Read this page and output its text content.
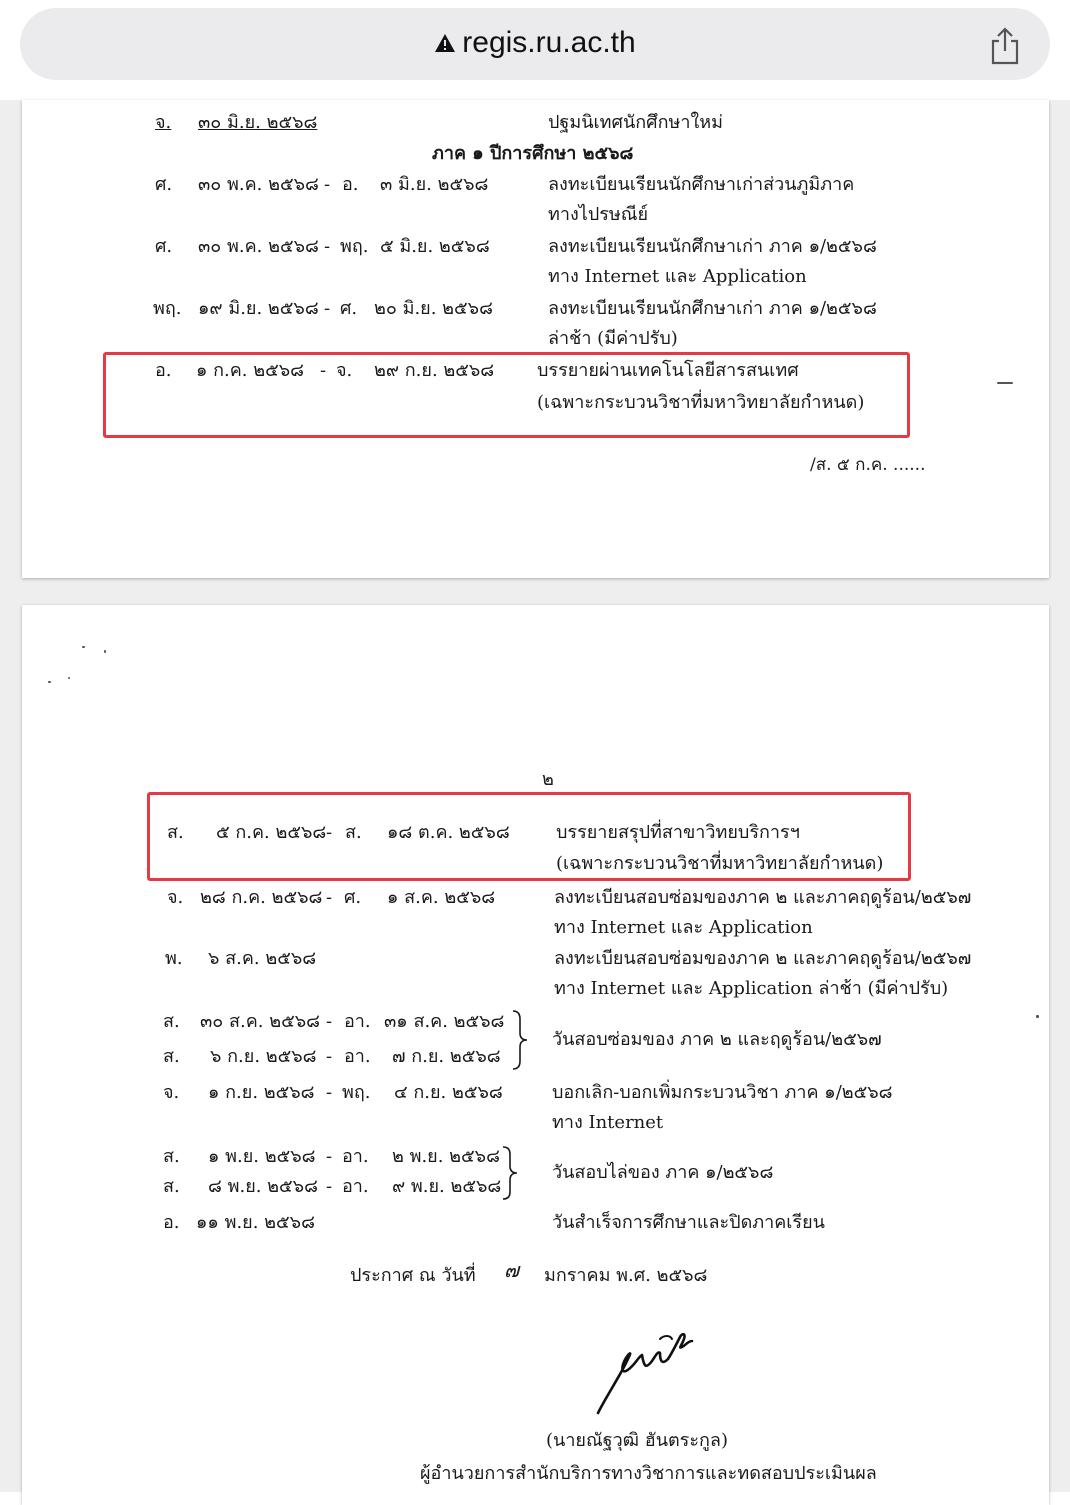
regis.ru.ac.th
จ. ๓๐ มิ.ย. ๒๕๖๘	ปฐมนิเทศนักศึกษาใหม่
ภาค ๑ ปีการศึกษา ๒๕๖๘
ศ. ๓๐ พ.ค. ๒๕๖๘ - อ. ๓ มิ.ย. ๒๕๖๘	ลงทะเบียนเรียนนักศึกษาเก่าส่วนภูมิภาค
ทางไปรษณีย์
ศ. ๓๐ พ.ค. ๒๕๖๘ - พฤ. ๕ มิ.ย. ๒๕๖๘	ลงทะเบียนเรียนนักศึกษาเก่า ภาค ๑/๒๕๖๘
ทาง Internet และ Application
พฤ. ๑๙ มิ.ย. ๒๕๖๘ - ศ. ๒๐ มิ.ย. ๒๕๖๘	ลงทะเบียนเรียนนักศึกษาเก่า ภาค ๑/๒๕๖๘
ล่าช้า (มีค่าปรับ)
อ. ๑ ก.ค. ๒๕๖๘ - จ. ๒๙ ก.ย. ๒๕๖๘ บรรยายผ่านเทคโนโลยีสารสนเทศ
(เฉพาะกระบวนวิชาที่มหาวิทยาลัยกำหนด)
/ส. ๕ ก.ค. ......
๒
ส. ๕ ก.ค. ๒๕๖๘ - ส. ๑๘ ต.ค. ๒๕๖๘	บรรยายสรุปที่สาขาวิทยบริการฯ
(เฉพาะกระบวนวิชาที่มหาวิทยาลัยกำหนด)
จ. ๒๘ ก.ค. ๒๕๖๘ - ศ. ๑ ส.ค. ๒๕๖๘	ลงทะเบียนสอบซ่อมของภาค ๒ และภาคฤดูร้อน/๒๕๖๗
ทาง Internet และ Application
พ. ๖ ส.ค. ๒๕๖๘	ลงทะเบียนสอบซ่อมของภาค ๒ และภาคฤดูร้อน/๒๕๖๗
ทาง Internet และ Application ล่าช้า (มีค่าปรับ)
ส. ๓๐ ส.ค. ๒๕๖๘ - อา. ๓๑ ส.ค. ๒๕๖๘
ส. ๖ ก.ย. ๒๕๖๘ - อา. ๗ ก.ย. ๒๕๖๘
วันสอบซ่อมของ ภาค ๒ และฤดูร้อน/๒๕๖๗
จ. ๑ ก.ย. ๒๕๖๘ - พฤ. ๔ ก.ย. ๒๕๖๘	บอกเลิก-บอกเพิ่มกระบวนวิชา ภาค ๑/๒๕๖๘
ทาง Internet
ส. ๑ พ.ย. ๒๕๖๘ - อา. ๒ พ.ย. ๒๕๖๘
ส. ๘ พ.ย. ๒๕๖๘ - อา. ๙ พ.ย. ๒๕๖๘
วันสอบไล่ของ ภาค ๑/๒๕๖๘
อ. ๑๑ พ.ย. ๒๕๖๘	วันสำเร็จการศึกษาและปิดภาคเรียน
ประกาศ ณ วันที่ ๗ มกราคม พ.ศ. ๒๕๖๘
(นายณัฐวุฒิ ฮันตระกูล)
ผู้อำนวยการสำนักบริการทางวิชาการและทดสอบประเมินผล
